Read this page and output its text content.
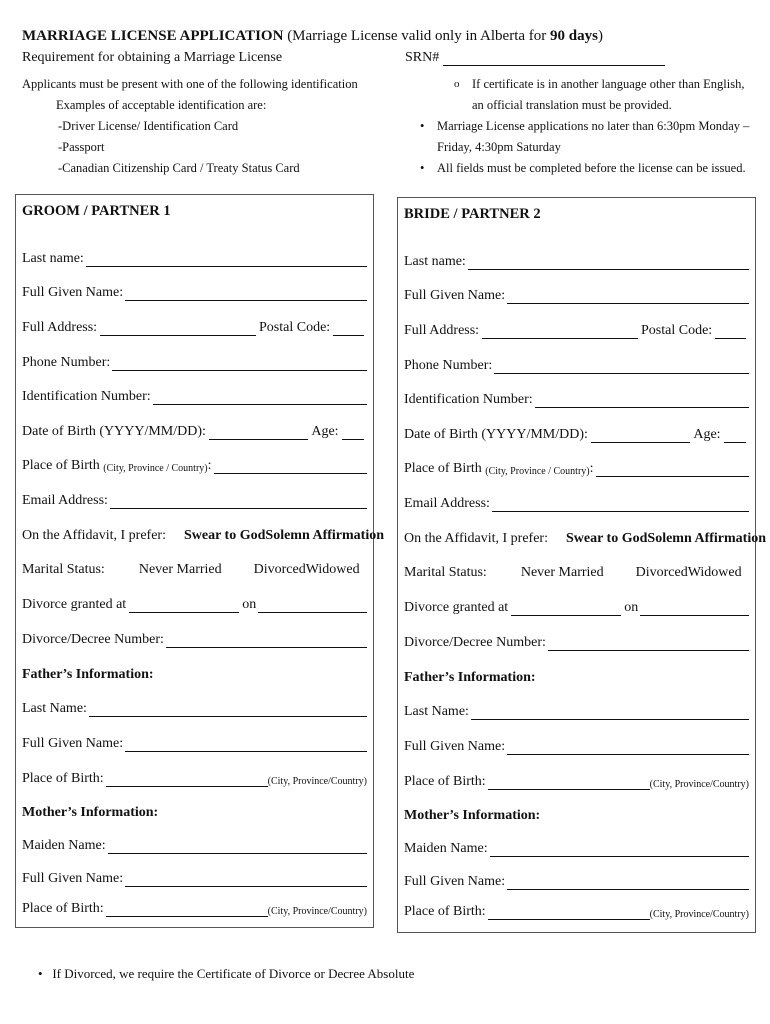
MARRIAGE LICENSE APPLICATION (Marriage License valid only in Alberta for 90 days)
Requirement for obtaining a Marriage License	SRN#
Applicants must be present with one of the following identification
Examples of acceptable identification are:
-Driver License/ Identification Card
-Passport
-Canadian Citizenship Card / Treaty Status Card
o	If certificate is in another language other than English, an official translation must be provided.
• Marriage License applications no later than 6:30pm Monday – Friday, 4:30pm Saturday
• All fields must be completed before the license can be issued.
GROOM / PARTNER 1
Last name:
Full Given Name:
Full Address:	Postal Code:
Phone Number:
Identification Number:
Date of Birth (YYYY/MM/DD):	Age:
Place of Birth
(City, Province / Country) :
Email Address:
On the Affidavit, I prefer: Swear to God Solemn Affirmation
Marital Status: Never Married Divorced Widowed
Divorce granted at	on
Divorce/Decree Number:
Father’s Information:
Last Name:
Full Given Name:
Place of Birth:	(City, Province/Country)
Mother’s Information:
Maiden Name:
Full Given Name:
Place of Birth:	(City, Province/Country)
BRIDE / PARTNER 2
Last name:
Full Given Name:
Full Address:	Postal Code:
Phone Number:
Identification Number:
Date of Birth (YYYY/MM/DD):	Age:
Place of Birth
(City, Province / Country) :
Email Address:
On the Affidavit, I prefer: Swear to God Solemn Affirmation
Marital Status: Never Married Divorced Widowed
Divorce granted at	on
Divorce/Decree Number:
Father’s Information:
Last Name:
Full Given Name:
Place of Birth:	(City, Province/Country)
Mother’s Information:
Maiden Name:
Full Given Name:
Place of Birth:	(City, Province/Country)
• If Divorced, we require the Certificate of Divorce or Decree Absolute
